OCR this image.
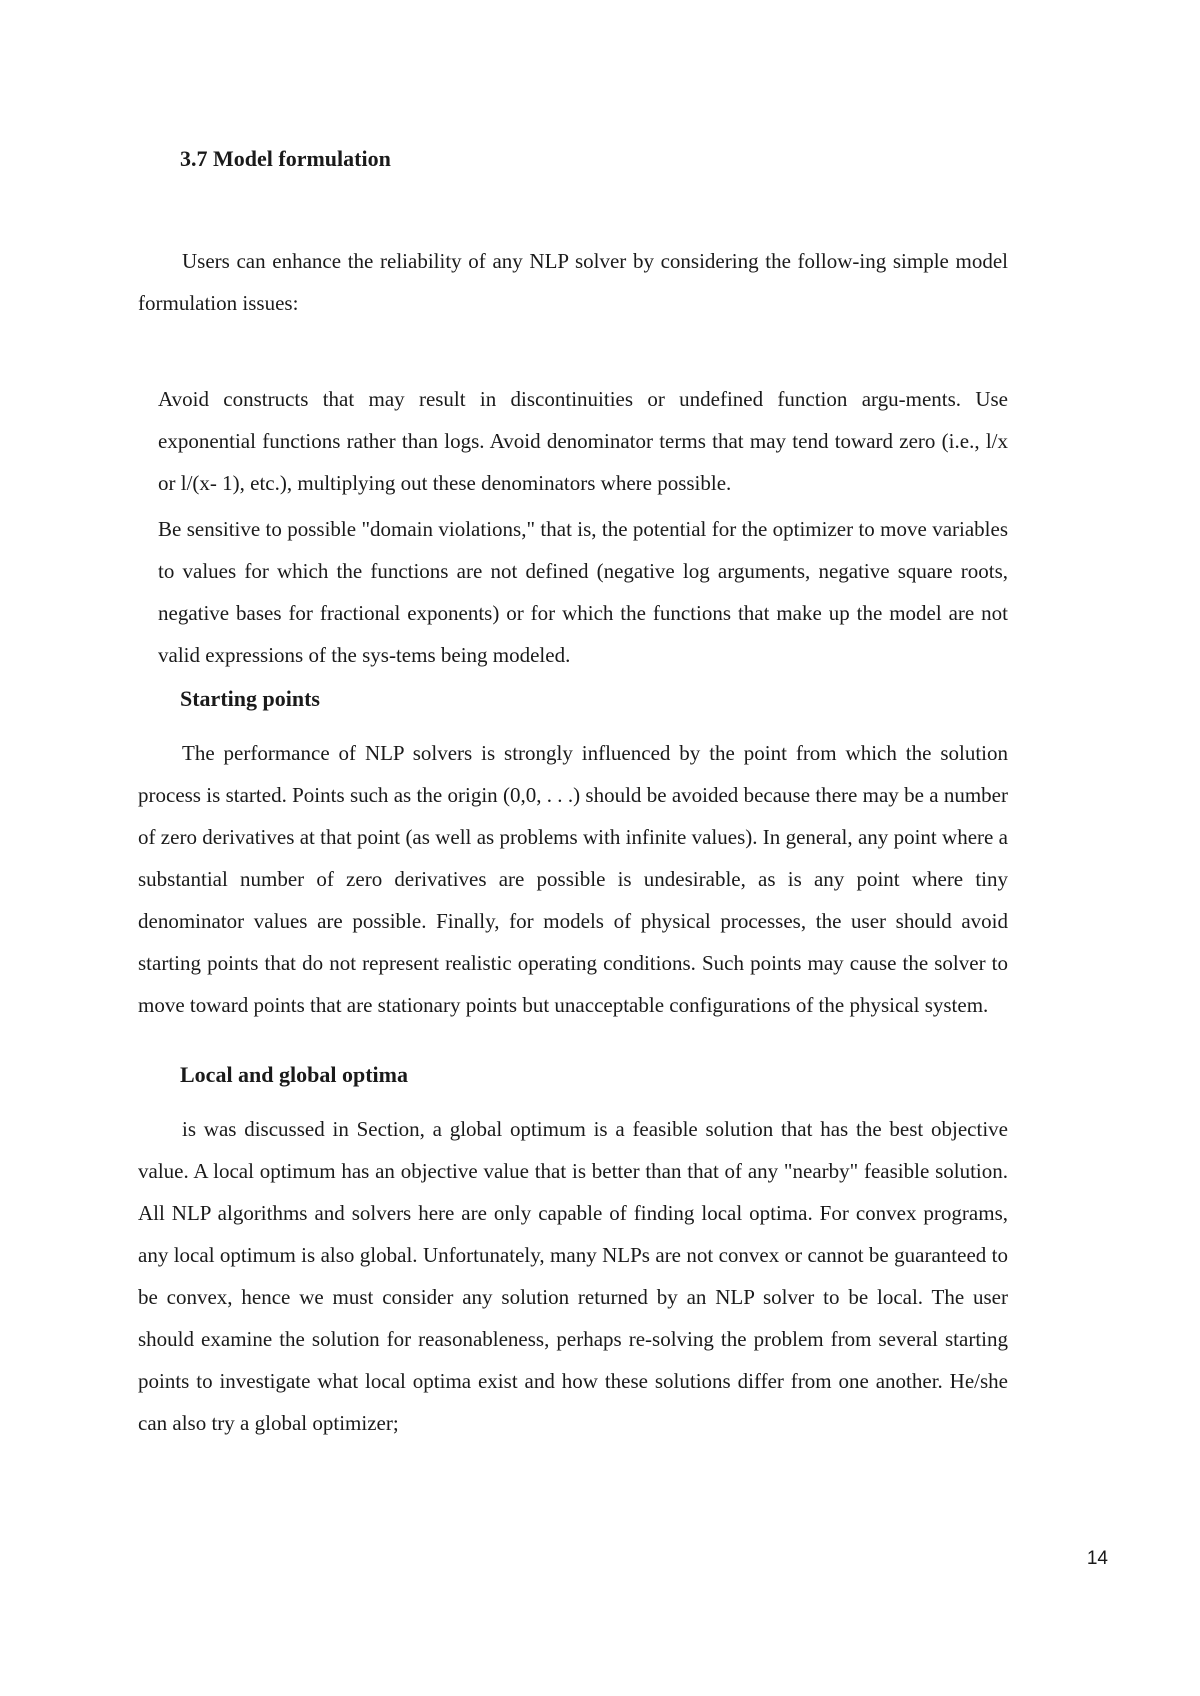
3.7 Model formulation

Users can enhance the reliability of any NLP solver by considering the follow-ing simple model formulation issues:

Avoid constructs that may result in discontinuities or undefined function argu-ments. Use exponential functions rather than logs. Avoid denominator terms that may tend toward zero (i.e., l/x or l/(x- 1), etc.), multiplying out these denominators where possible.

Be sensitive to possible "domain violations," that is, the potential for the optimizer to move variables to values for which the functions are not defined (negative log arguments, negative square roots, negative bases for fractional exponents) or for which the functions that make up the model are not valid expressions of the sys-tems being modeled.

Starting points

The performance of NLP solvers is strongly influenced by the point from which the solution process is started. Points such as the origin (0,0, . . .) should be avoided because there may be a number of zero derivatives at that point (as well as problems with infinite values). In general, any point where a substantial number of zero derivatives are possible is undesirable, as is any point where tiny denominator values are possible. Finally, for models of physical processes, the user should avoid starting points that do not represent realistic operating conditions. Such points may cause the solver to move toward points that are stationary points but unacceptable configurations of the physical system.

Local and global optima

is was discussed in Section, a global optimum is a feasible solution that has the best objective value. A local optimum has an objective value that is better than that of any "nearby" feasible solution. All NLP algorithms and solvers here are only capable of finding local optima. For convex programs, any local optimum is also global. Unfortunately, many NLPs are not convex or cannot be guaranteed to be convex, hence we must consider any solution returned by an NLP solver to be local. The user should examine the solution for reasonableness, perhaps re-solving the problem from several starting points to investigate what local optima exist and how these solutions differ from one another. He/she can also try a global optimizer;

14
